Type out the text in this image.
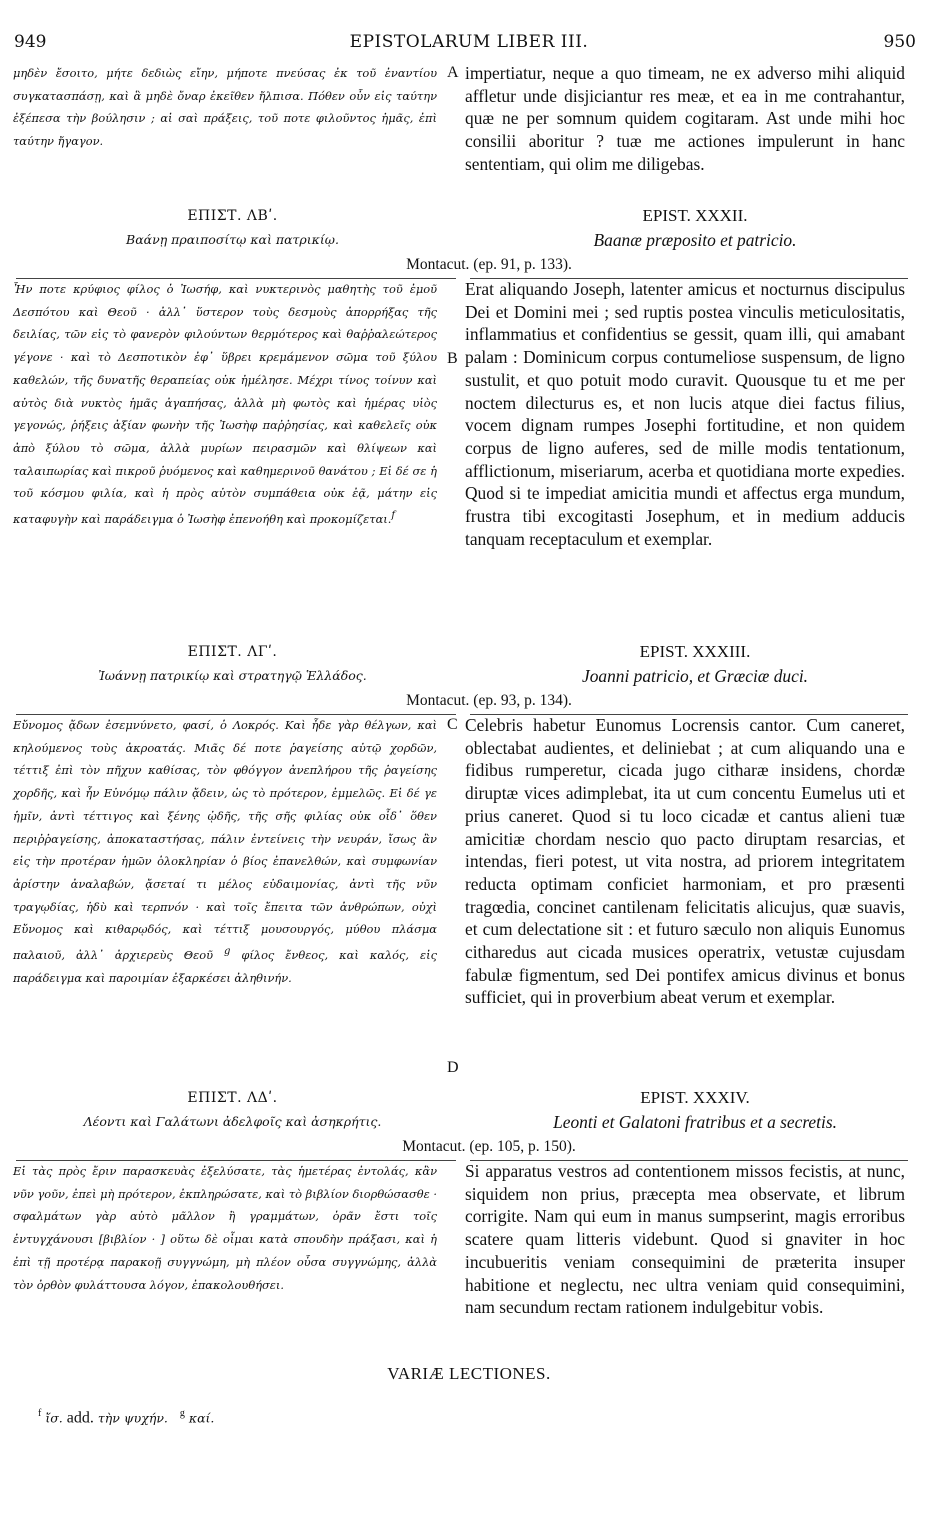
949	EPISTOLARUM LIBER III.	950
μηδὲν ἔσοιτο, μήτε δεδιὼς εἴην, μήποτε πνεύσας ἐκ τοῦ ἐναντίου συγκατασπάσῃ, καὶ ἃ μηδὲ ὄναρ ἐκεῖθεν ἤλπισα. Πόθεν οὖν εἰς ταύτην ἐξέπεσα τὴν βούλησιν ; αἱ σαὶ πράξεις, τοῦ ποτε φιλοῦντος ἡμᾶς, ἐπὶ ταύτην ἤγαγον.
A impertiatur, neque a quo timeam, ne ex adverso mihi aliquid affletur unde disjiciantur res meæ, et ea in me contrahantur, quæ ne per somnum quidem cogitaram. Ast unde mihi hoc consilii aboritur ? tuæ me actiones impulerunt in hanc sententiam, qui olim me diligebas.
ΕΠΙΣΤ. ΛΒʹ.	EPIST. XXXII.
Βαάνῃ πραιποσίτῳ καὶ πατρικίῳ.	Baanæ præposito et patricio.
Montacut. (ep. 91, p. 133).
Ἦν ποτε κρύφιος φίλος ὁ Ἰωσήφ, καὶ νυκτερινὸς μαθητὴς τοῦ ἐμοῦ Δεσπότου καὶ Θεοῦ · ἀλλ᾽ ὕστερον τοὺς δεσμοὺς ἀπορρήξας τῆς δειλίας, τῶν εἰς τὸ φανερὸν φιλούντων θερμότερος καὶ θαῤῥαλεώτερος γέγονε · καὶ τὸ Δεσποτικὸν ἐφ᾽ ὕβρει κρεμάμενον σῶμα τοῦ ξύλου καθελών, τῆς δυνατῆς θεραπείας οὐκ ἠμέλησε. Μέχρι τίνος τοίνυν καὶ αὐτὸς διὰ νυκτὸς ἡμᾶς ἀγαπήσας, ἀλλὰ μὴ φωτὸς καὶ ἡμέρας υἱὸς γεγονώς, ῥήξεις ἀξίαν φωνὴν τῆς Ἰωσὴφ παῤῥησίας, καὶ καθελεῖς οὐκ ἀπὸ ξύλου τὸ σῶμα, ἀλλὰ μυρίων πειρασμῶν καὶ θλίψεων καὶ ταλαιπωρίας καὶ πικροῦ ῥυόμενος καὶ καθημερινοῦ θανάτου ; Εἰ δέ σε ἡ τοῦ κόσμου φιλία, καὶ ἡ πρὸς αὐτὸν συμπάθεια οὐκ ἐᾷ, μάτην εἰς καταφυγὴν καὶ παράδειγμα ὁ Ἰωσὴφ ἐπενοήθη καὶ προκομίζεται.$^f$
B
Erat aliquando Joseph, latenter amicus et nocturnus discipulus Dei et Domini mei ; sed ruptis postea vinculis meticulositatis, inflammatius et confidentius se gessit, quam illi, qui amabant palam : Dominicum corpus contumeliose suspensum, de ligno sustulit, et quo potuit modo curavit. Quousque tu et me per noctem dilecturus es, et non lucis atque diei factus filius, vocem dignam rumpes Josephi fortitudine, et non quidem corpus de ligno auferes, sed de mille modis tentationum, afflictionum, miseriarum, acerba et quotidiana morte expedies. Quod si te impediat amicitia mundi et affectus erga mundum, frustra tibi excogitasti Josephum, et in medium adducis tanquam receptaculum et exemplar.
ΕΠΙΣΤ. ΛΓʹ.	EPIST. XXXIII.
Ἰωάννῃ πατρικίῳ καὶ στρατηγῷ Ἑλλάδος.	Joanni patricio, et Græciæ duci.
Montacut. (ep. 93, p. 134).
Εὔνομος ᾄδων ἐσεμνύνετο, φασί, ὁ Λοκρός. Καὶ ἦδε γὰρ θέλγων, καὶ κηλούμενος τοὺς ἀκροατάς. Μιᾶς δέ ποτε ῥαγείσης αὐτῷ χορδῶν, τέττιξ ἐπὶ τὸν πῆχυν καθίσας, τὸν φθόγγον ἀνεπλήρου τῆς ῥαγείσης χορδῆς, καὶ ἦν Εὐνόμῳ πάλιν ᾄδειν, ὡς τὸ πρότερον, ἐμμελῶς. Εἰ δέ γε ἡμῖν, ἀντὶ τέττιγος καὶ ξένης ᾠδῆς, τῆς σῆς φιλίας οὐκ οἶδ᾽ ὅθεν περιῤῥαγείσης, ἀποκαταστήσας, πάλιν ἐντείνεις τὴν νευράν, ἴσως ἂν εἰς τὴν προτέραν ἡμῶν ὁλοκληρίαν ὁ βίος ἐπανελθών, καὶ συμφωνίαν ἀρίστην ἀναλαβών, ᾄσεταί τι μέλος εὐδαιμονίας, ἀντὶ τῆς νῦν τραγῳδίας, ἡδὺ καὶ τερπνόν · καὶ τοῖς ἔπειτα τῶν ἀνθρώπων, οὐχὶ Εὔνομος καὶ κιθαρῳδός, καὶ τέττιξ μουσουργός, μύθου πλάσμα παλαιοῦ, ἀλλ᾽ ἀρχιερεὺς Θεοῦ $^g$ φίλος ἔνθεος, καὶ καλός, εἰς παράδειγμα καὶ παροιμίαν ἐξαρκέσει ἀληθινήν.
C
D
Celebris habetur Eunomus Locrensis cantor. Cum caneret, oblectabat audientes, et deliniebat ; at cum aliquando una e fidibus rumperetur, cicada jugo citharæ insidens, chordæ diruptæ vices adimplebat, ita ut cum concentu Eumelus uti et prius caneret. Quod si tu loco cicadæ et cantus alieni tuæ amicitiæ chordam nescio quo pacto diruptam resarcias, et intendas, fieri potest, ut vita nostra, ad priorem integritatem reducta optimam conficiet harmoniam, et pro præsenti tragœdia, concinet cantilenam felicitatis alicujus, quæ suavis, et cum delectatione sit : et futuro sæculo non aliquis Eunomus citharedus aut cicada musices operatrix, vetustæ cujusdam fabulæ figmentum, sed Dei pontifex amicus divinus et bonus sufficiet, qui in proverbium abeat verum et exemplar.
ΕΠΙΣΤ. ΛΔʹ.	EPIST. XXXIV.
Λέοντι καὶ Γαλάτωνι ἀδελφοῖς καὶ ἀσηκρήτις.	Leonti et Galatoni fratribus et a secretis.
Montacut. (ep. 105, p. 150).
Εἰ τὰς πρὸς ἔριν παρασκευὰς ἐξελύσατε, τὰς ἡμετέρας ἐντολάς, κἂν νῦν γοῦν, ἐπεὶ μὴ πρότερον, ἐκπληρώσατε, καὶ τὸ βιβλίον διορθώσασθε · σφαλμάτων γὰρ αὐτὸ μᾶλλον ἢ γραμμάτων, ὁρᾶν ἔστι τοῖς ἐντυγχάνουσι [βιβλίον · ] οὕτω δὲ οἶμαι κατὰ σπουδὴν πράξασι, καὶ ἡ ἐπὶ τῇ προτέρᾳ παρακοῇ συγγνώμη, μὴ πλέον οὖσα συγγνώμης, ἀλλὰ τὸν ὀρθὸν φυλάττουσα λόγον, ἐπακολουθήσει.
Si apparatus vestros ad contentionem missos fecistis, at nunc, siquidem non prius, præcepta mea observate, et librum corrigite. Nam qui eum in manus sumpserint, magis erroribus scatere quam litteris videbunt. Quod si gnaviter in hoc incubueritis veniam consequimini de præterita insuper habitione et neglectu, nec ultra veniam quid consequimini, nam secundum rectam rationem indulgebitur vobis.
VARIÆ LECTIONES.
$^f$ ἴσ. add. τὴν ψυχήν. $^g$ καί.
